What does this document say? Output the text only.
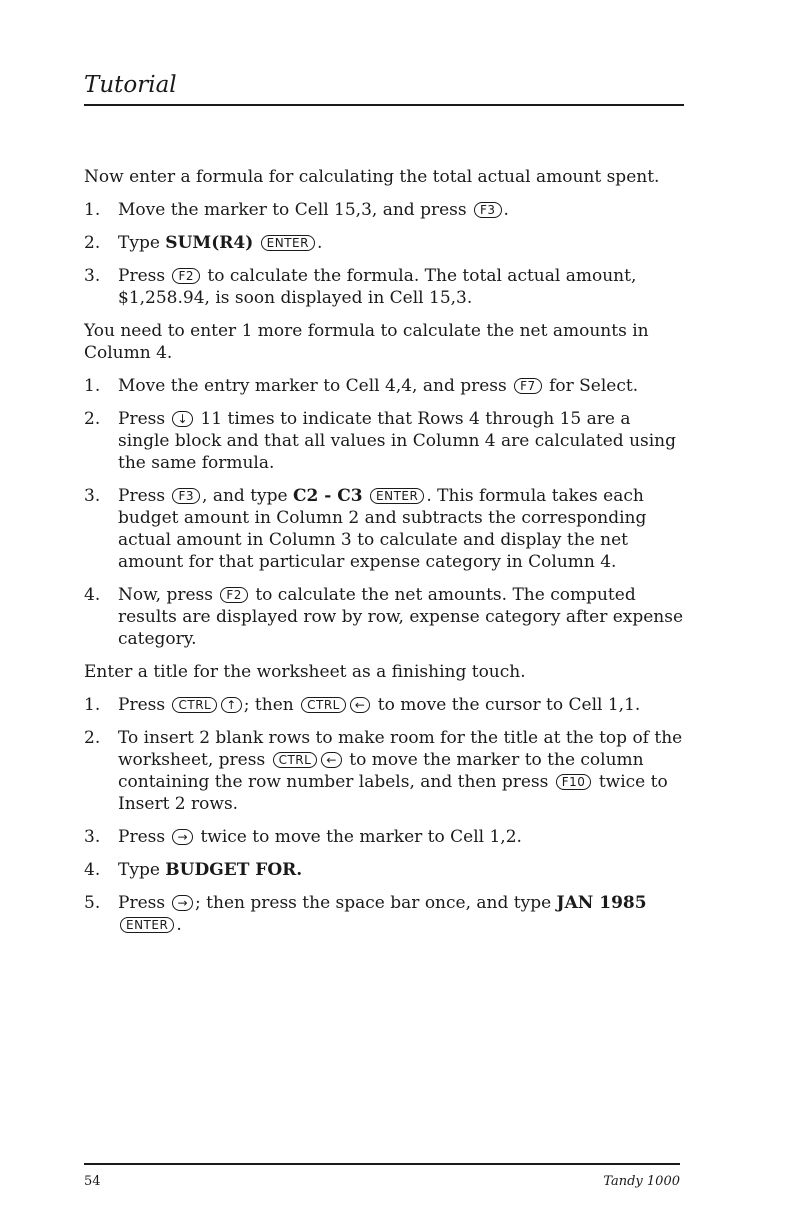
Tutorial

Now enter a formula for calculating the total actual amount spent.

1. Move the marker to Cell 15,3, and press F3 .
2. Type SUM(R4) ENTER .
3. Press F2 to calculate the formula. The total actual amount, $1,258.94, is soon displayed in Cell 15,3.

You need to enter 1 more formula to calculate the net amounts in Column 4.

1. Move the entry marker to Cell 4,4, and press F7 for Select.
2. Press ↓ 11 times to indicate that Rows 4 through 15 are a single block and that all values in Column 4 are calculated using the same formula.
3. Press F3 , and type C2 - C3 ENTER . This formula takes each budget amount in Column 2 and subtracts the corresponding actual amount in Column 3 to calculate and display the net amount for that particular expense category in Column 4.
4. Now, press F2 to calculate the net amounts. The computed results are displayed row by row, expense category after expense category.

Enter a title for the worksheet as a finishing touch.

1. Press CTRL ↑ ; then CTRL ← to move the cursor to Cell 1,1.
2. To insert 2 blank rows to make room for the title at the top of the worksheet, press CTRL ← to move the marker to the column containing the row number labels, and then press F10 twice to Insert 2 rows.
3. Press → twice to move the marker to Cell 1,2.
4. Type BUDGET FOR.
5. Press → ; then press the space bar once, and type JAN 1985 ENTER .
54	Tandy 1000
